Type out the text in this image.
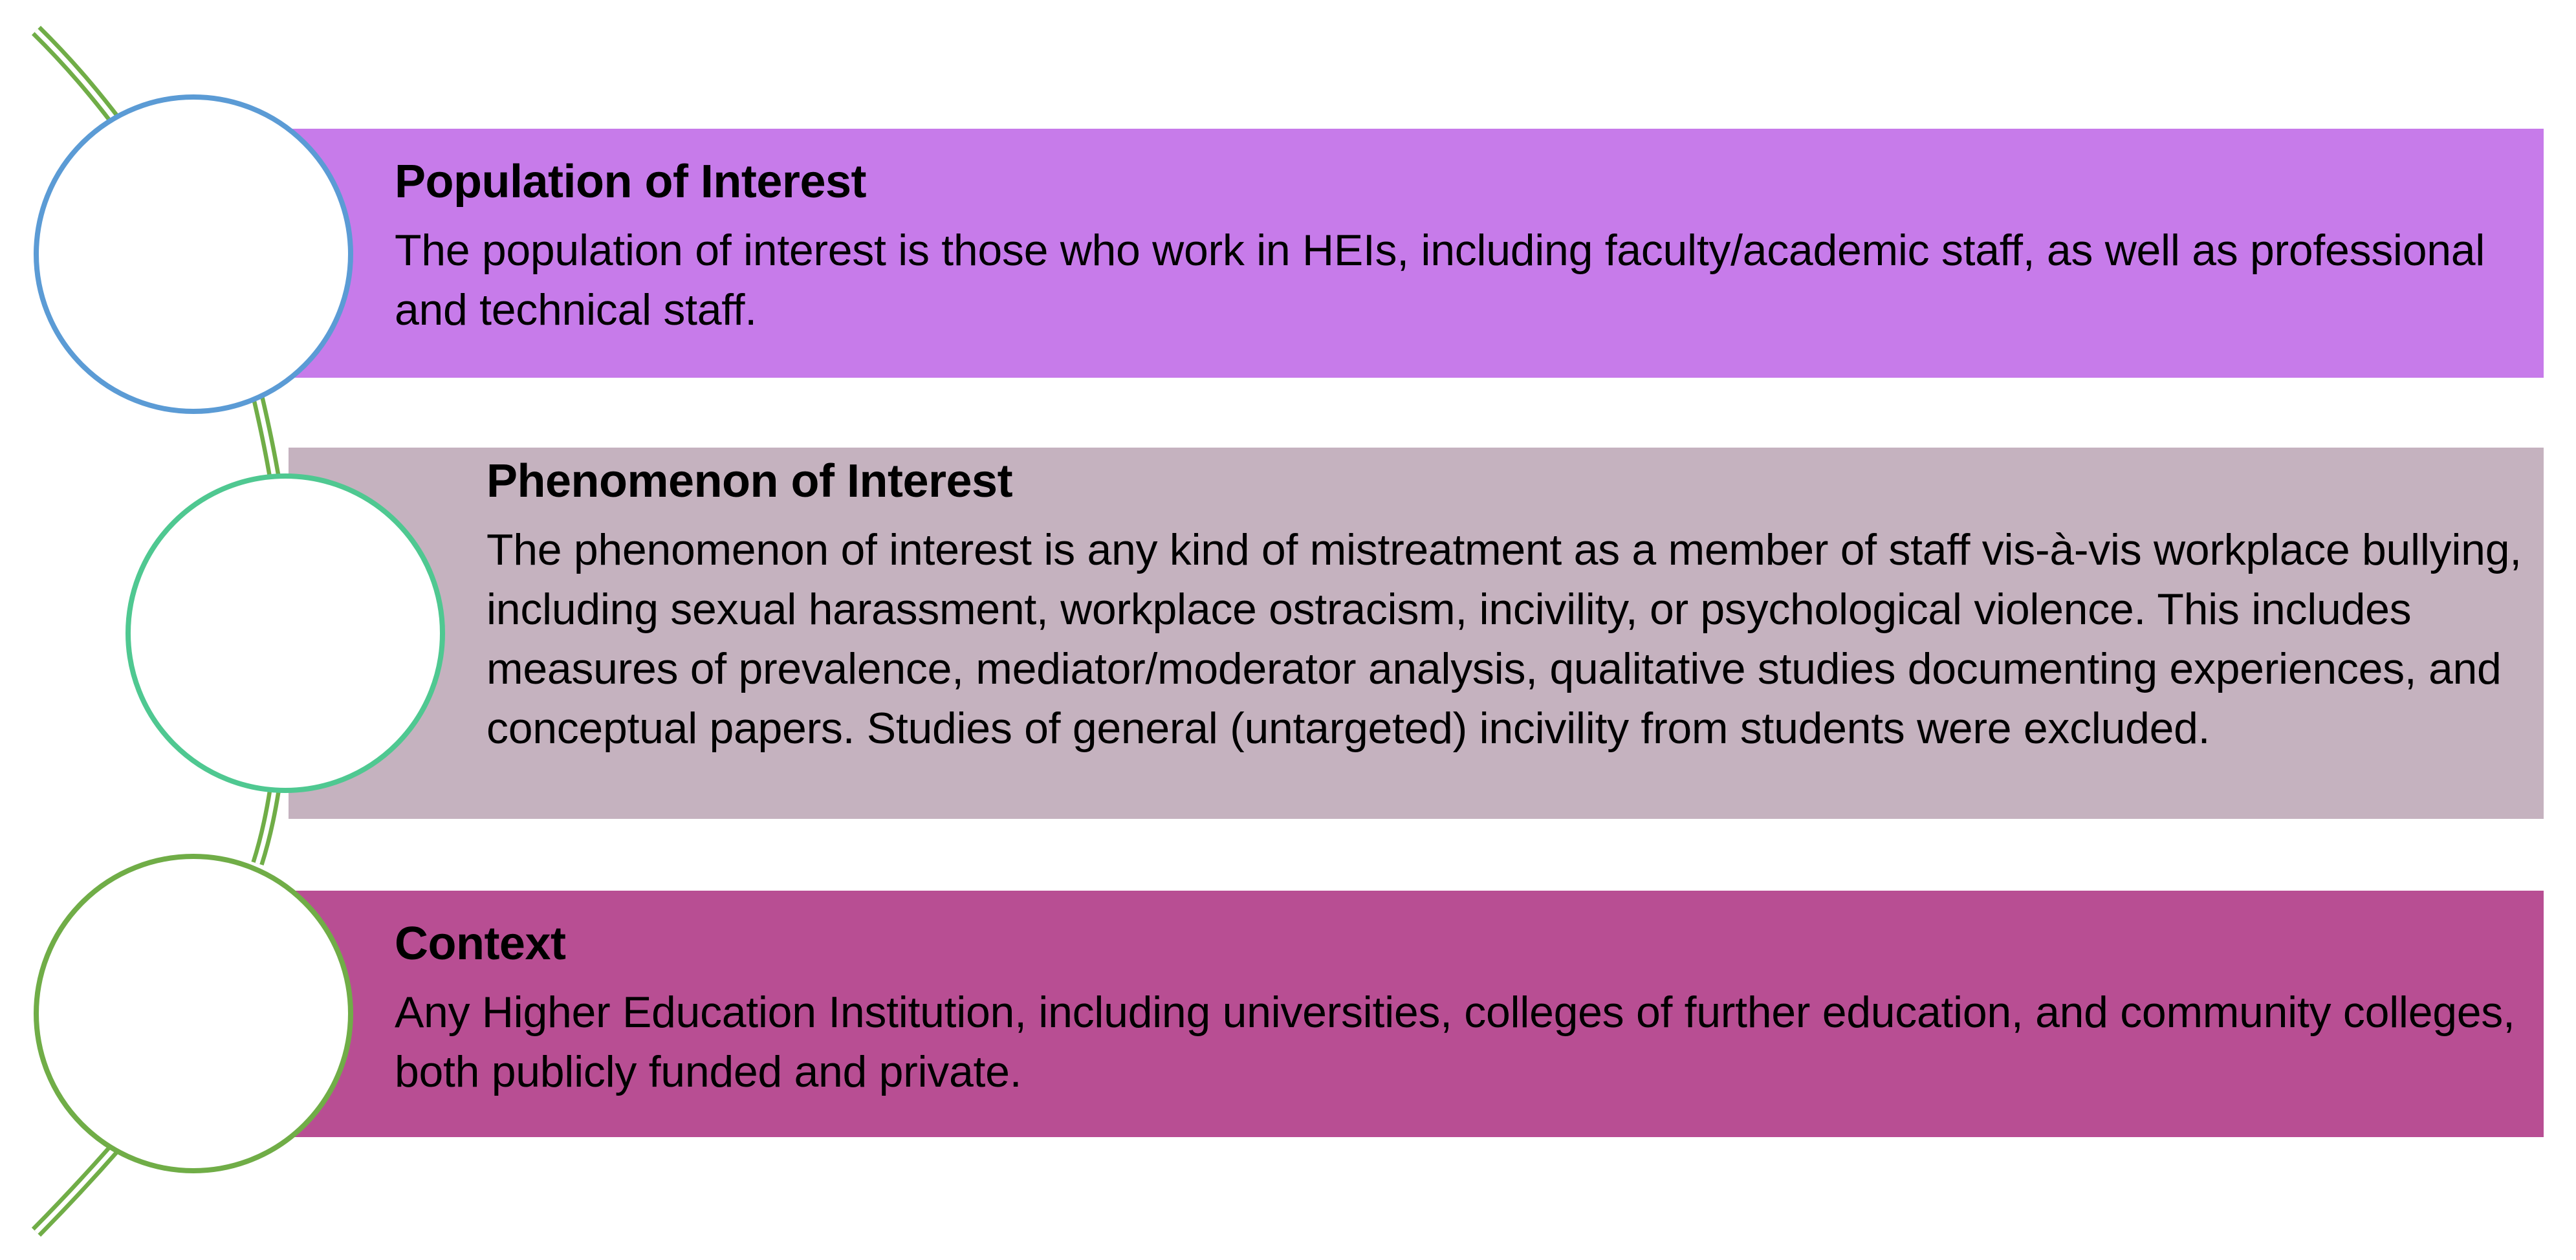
Population of Interest

The population of interest is those who work in HEIs, including faculty/academic staff, as well as professional and technical staff.

Phenomenon of Interest

The phenomenon of interest is any kind of mistreatment as a member of staff vis-à-vis workplace bullying, including sexual harassment, workplace ostracism, incivility, or psychological violence. This includes measures of prevalence, mediator/moderator analysis, qualitative studies documenting experiences, and conceptual papers. Studies of general (untargeted) incivility from students were excluded.

Context

Any Higher Education Institution, including universities, colleges of further education, and community colleges, both publicly funded and private.
